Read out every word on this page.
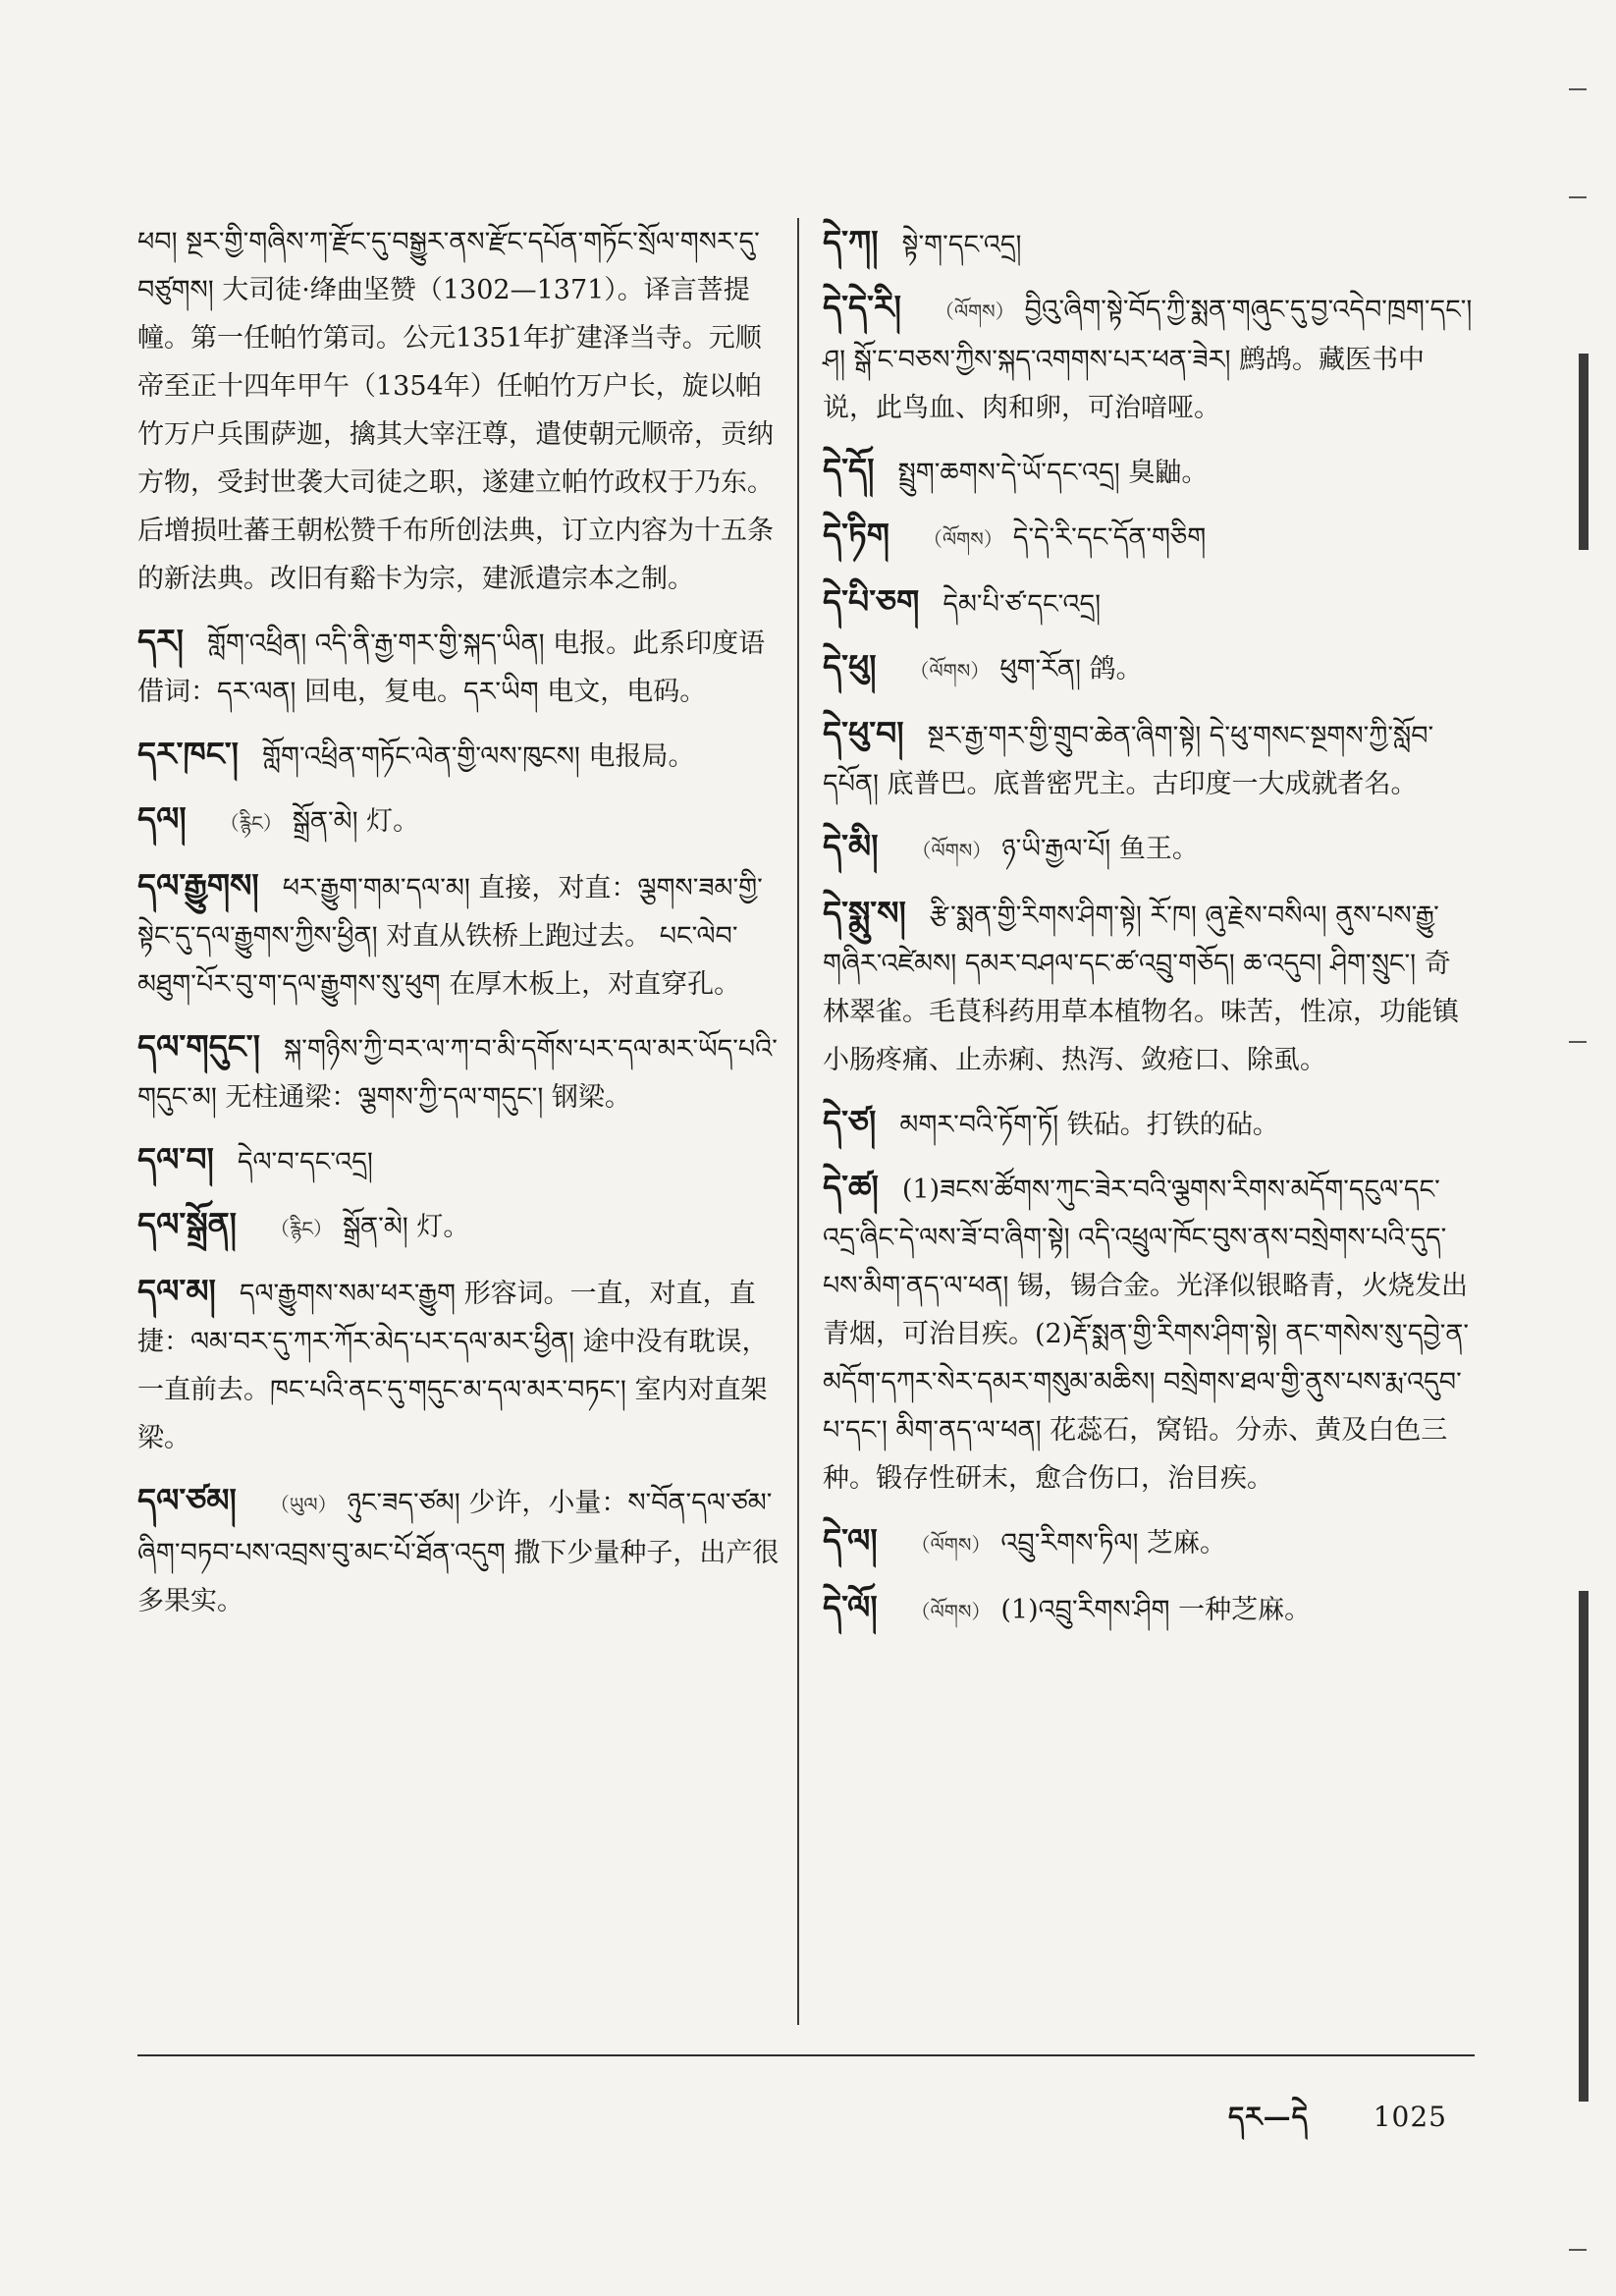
ཕབ། སྔར་གྱི་གཞིས་ཀ་རྫོང་དུ་བསྒྱུར་ནས་རྫོང་དཔོན་གཏོང་སྲོལ་གསར་དུ་བཙུགས། 大司徒·绛曲坚赞（1302—1371）。译言菩提幢。第一任帕竹第司。公元1351年扩建泽当寺。元顺帝至正十四年甲午（1354年）任帕竹万户长，旋以帕竹万户兵围萨迦，擒其大宰汪尊，遣使朝元顺帝，贡纳方物，受封世袭大司徒之职，遂建立帕竹政权于乃东。后增损吐蕃王朝松赞千布所创法典，订立内容为十五条的新法典。改旧有谿卡为宗，建派遣宗本之制。
དར། གློག་འཕྲིན། འདི་ནི་རྒྱ་གར་གྱི་སྐད་ཡིན། 电报。此系印度语借词：དར་ལན། 回电，复电。དར་ཡིག 电文，电码。
དར་ཁང་། གློག་འཕྲིན་གཏོང་ལེན་གྱི་ལས་ཁུངས། 电报局。
དལ། （རྙིང） སྒྲོན་མེ། 灯。
དལ་རྒྱུགས། ཕར་རྒྱུག་གམ་དལ་མ། 直接，对直：ལྕགས་ཟམ་གྱི་སྟེང་དུ་དལ་རྒྱུགས་ཀྱིས་ཕྱིན། 对直从铁桥上跑过去。 པང་ལེབ་མཐུག་པོར་བུ་ག་དལ་རྒྱུགས་སུ་ཕུག 在厚木板上，对直穿孔。
དལ་གདུང་། སྐ་གཉིས་ཀྱི་བར་ལ་ཀ་བ་མི་དགོས་པར་དལ་མར་ཡོད་པའི་གདུང་མ། 无柱通梁：ལྕགས་ཀྱི་དལ་གདུང་། 钢梁。
དལ་བ། དེལ་བ་དང་འདྲ།
དལ་སྒྲོན། （རྙིང） སྒྲོན་མེ། 灯。
དལ་མ། དལ་རྒྱུགས་སམ་ཕར་རྒྱུག 形容词。一直，对直，直捷：ལམ་བར་དུ་ཀར་ཀོར་མེད་པར་དལ་མར་ཕྱིན། 途中没有耽误，一直前去。ཁང་པའི་ནང་དུ་གདུང་མ་དལ་མར་བཏང་། 室内对直架梁。
དལ་ཙམ། （ཡུལ） ཉུང་ཟད་ཙམ། 少许，小量：ས་བོན་དལ་ཙམ་ཞིག་བཏབ་པས་འབྲས་བུ་མང་པོ་ཐོན་འདུག 撒下少量种子，出产很多果实。
དེ་ཀ། སྟེ་ག་དང་འདྲ།
དེ་དེ་རི། （ལོགས） བྱིའུ་ཞིག་སྟེ་བོད་ཀྱི་སྨན་གཞུང་དུ་བྱ་འདེབ་ཁྲག་དང་། ཤ། སྒོ་ང་བཅས་ཀྱིས་སྐད་འགགས་པར་ཕན་ཟེར། 鹧鸪。藏医书中说，此鸟血、肉和卵，可治喑哑。
དེ་དོ། སྤྲུག་ཆགས་དེ་ཡོ་དང་འདྲ། 臭鼬。
དེ་ཏིག （ལོགས） དེ་དེ་རི་དང་དོན་གཅིག
དེ་པི་ཅག དེམ་པི་ཙ་དང་འདྲ།
དེ་ཕུ། （ལོགས） ཕུག་རོན། 鸽。
དེ་ཕུ་བ། སྔར་རྒྱ་གར་གྱི་གྲུབ་ཆེན་ཞིག་སྟེ། དེ་ཕུ་གསང་སྔགས་ཀྱི་སློབ་དཔོན། 底普巴。底普密咒主。古印度一大成就者名。
དེ་མི། （ལོགས） ཉ་ཡི་རྒྱལ་པོ། 鱼王。
དེ་སྨུ་ས། རྩི་སྨན་གྱི་རིགས་ཤིག་སྟེ། རོ་ཁ། ཞུ་རྗེས་བསིལ། ནུས་པས་རྒྱུ་གཞིར་འཛེམས། དམར་བཤལ་དང་ཚ་འབྲུ་གཅོད། ཆ་འདུབ། ཤིག་སྲུང་། 奇林翠雀。毛茛科药用草本植物名。味苦，性凉，功能镇小肠疼痛、止赤痢、热泻、敛疮口、除虱。
དེ་ཙ། མགར་བའི་ཏོག་ཏོ། 铁砧。打铁的砧。
དེ་ཚ། (1)ཟངས་ཚོགས་ཀུང་ཟེར་བའི་ལྕགས་རིགས་མདོག་དངུལ་དང་འདྲ་ཞིང་དེ་ལས་ཟོ་བ་ཞིག་སྟེ། འདི་འཕྲུལ་ཁོང་བུས་ནས་བསྲེགས་པའི་དུད་པས་མིག་ནད་ལ་ཕན། 锡，锡合金。光泽似银略青，火烧发出青烟，可治目疾。(2)རྡོ་སྨན་གྱི་རིགས་ཤིག་སྟེ། ནང་གསེས་སུ་དབྱེ་ན་མདོག་དཀར་སེར་དམར་གསུམ་མཆིས། བསྲེགས་ཐལ་གྱི་ནུས་པས་རྨ་འདུབ་པ་དང་། མིག་ནད་ལ་ཕན། 花蕊石，窝铅。分赤、黄及白色三种。锻存性研末，愈合伤口，治目疾。
དེ་ལ། （ལོགས） འབྲུ་རིགས་ཏིལ། 芝麻。
དེ་ལོ། （ལོགས） (1)འབྲུ་རིགས་ཤིག 一种芝麻。
དར—དེ 1025
